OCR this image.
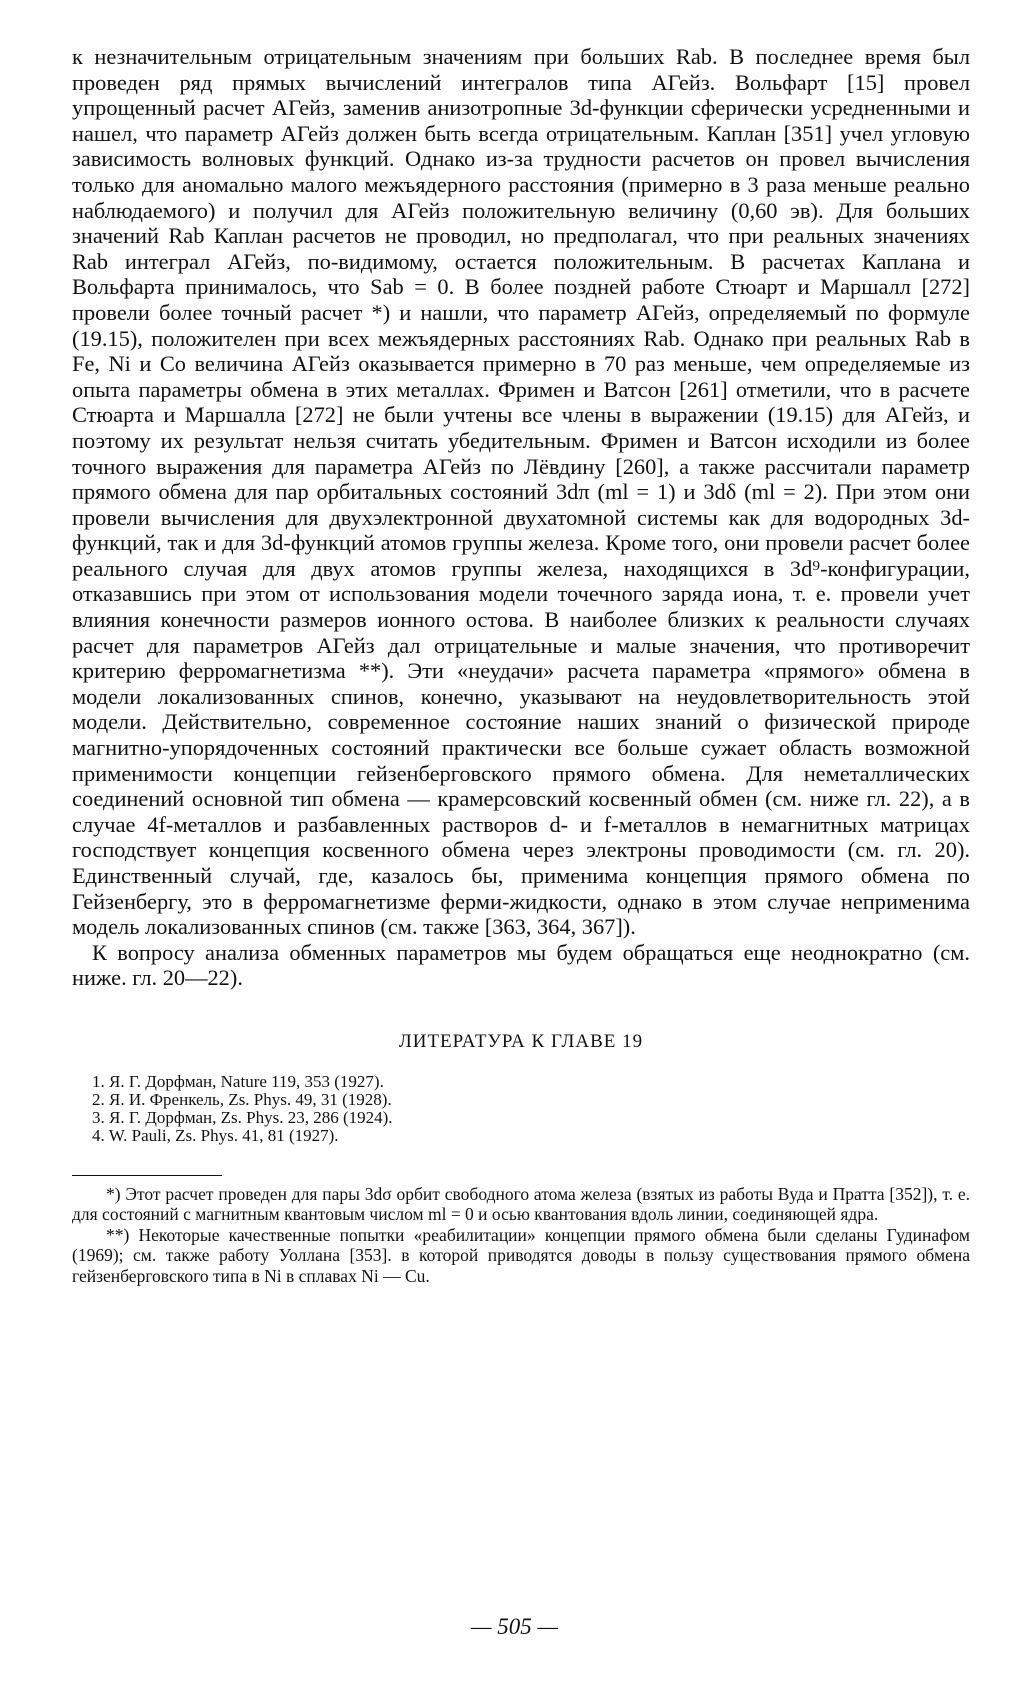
к незначительным отрицательным значениям при больших Rab. В последнее время был проведен ряд прямых вычислений интегралов типа AГейз. Вольфарт [15] провел упрощенный расчет AГейз, заменив анизотропные 3d-функции сферически усредненными и нашел, что параметр AГейз должен быть всегда отрицательным. Каплан [351] учел угловую зависимость волновых функций. Однако из-за трудности расчетов он провел вычисления только для аномально малого межъядерного расстояния (примерно в 3 раза меньше реально наблюдаемого) и получил для AГейз положительную величину (0,60 эв). Для больших значений Rab Каплан расчетов не проводил, но предполагал, что при реальных значениях Rab интеграл AГейз, по-видимому, остается положительным. В расчетах Каплана и Вольфарта принималось, что Sab = 0. В более поздней работе Стюарт и Маршалл [272] провели более точный расчет *) и нашли, что параметр AГейз, определяемый по формуле (19.15), положителен при всех межъядерных расстояниях Rab. Однако при реальных Rab в Fe, Ni и Co величина AГейз оказывается примерно в 70 раз меньше, чем определяемые из опыта параметры обмена в этих металлах. Фримен и Ватсон [261] отметили, что в расчете Стюарта и Маршалла [272] не были учтены все члены в выражении (19.15) для AГейз, и поэтому их результат нельзя считать убедительным. Фримен и Ватсон исходили из более точного выражения для параметра AГейз по Лёвдину [260], а также рассчитали параметр прямого обмена для пар орбитальных состояний 3dπ (ml = 1) и 3dδ (ml = 2). При этом они провели вычисления для двухэлектронной двухатомной системы как для водородных 3d-функций, так и для 3d-функций атомов группы железа. Кроме того, они провели расчет более реального случая для двух атомов группы железа, находящихся в 3d⁹-конфигурации, отказавшись при этом от использования модели точечного заряда иона, т. е. провели учет влияния конечности размеров ионного остова. В наиболее близких к реальности случаях расчет для параметров AГейз дал отрицательные и малые значения, что противоречит критерию ферромагнетизма **). Эти «неудачи» расчета параметра «прямого» обмена в модели локализованных спинов, конечно, указывают на неудовлетворительность этой модели. Действительно, современное состояние наших знаний о физической природе магнитно-упорядоченных состояний практически все больше сужает область возможной применимости концепции гейзенберговского прямого обмена. Для неметаллических соединений основной тип обмена — крамерсовский косвенный обмен (см. ниже гл. 22), а в случае 4f-металлов и разбавленных растворов d- и f-металлов в немагнитных матрицах господствует концепция косвенного обмена через электроны проводимости (см. гл. 20). Единственный случай, где, казалось бы, применима концепция прямого обмена по Гейзенбергу, это в ферромагнетизме ферми-жидкости, однако в этом случае неприменима модель локализованных спинов (см. также [363, 364, 367]).

К вопросу анализа обменных параметров мы будем обращаться еще неоднократно (см. ниже. гл. 20—22).

ЛИТЕРАТУРА К ГЛАВЕ 19
1. Я. Г. Дорфман, Nature 119, 353 (1927).
2. Я. И. Френкель, Zs. Phys. 49, 31 (1928).
3. Я. Г. Дорфман, Zs. Phys. 23, 286 (1924).
4. W. Pauli, Zs. Phys. 41, 81 (1927).

*) Этот расчет проведен для пары 3dσ орбит свободного атома железа (взятых из работы Вуда и Пратта [352]), т. е. для состояний с магнитным квантовым числом ml = 0 и осью квантования вдоль линии, соединяющей ядра.

**) Некоторые качественные попытки «реабилитации» концепции прямого обмена были сделаны Гудинафом (1969); см. также работу Уоллана [353]. в которой приводятся доводы в пользу существования прямого обмена гейзенберговского типа в Ni в сплавах Ni — Cu.

— 505 —
